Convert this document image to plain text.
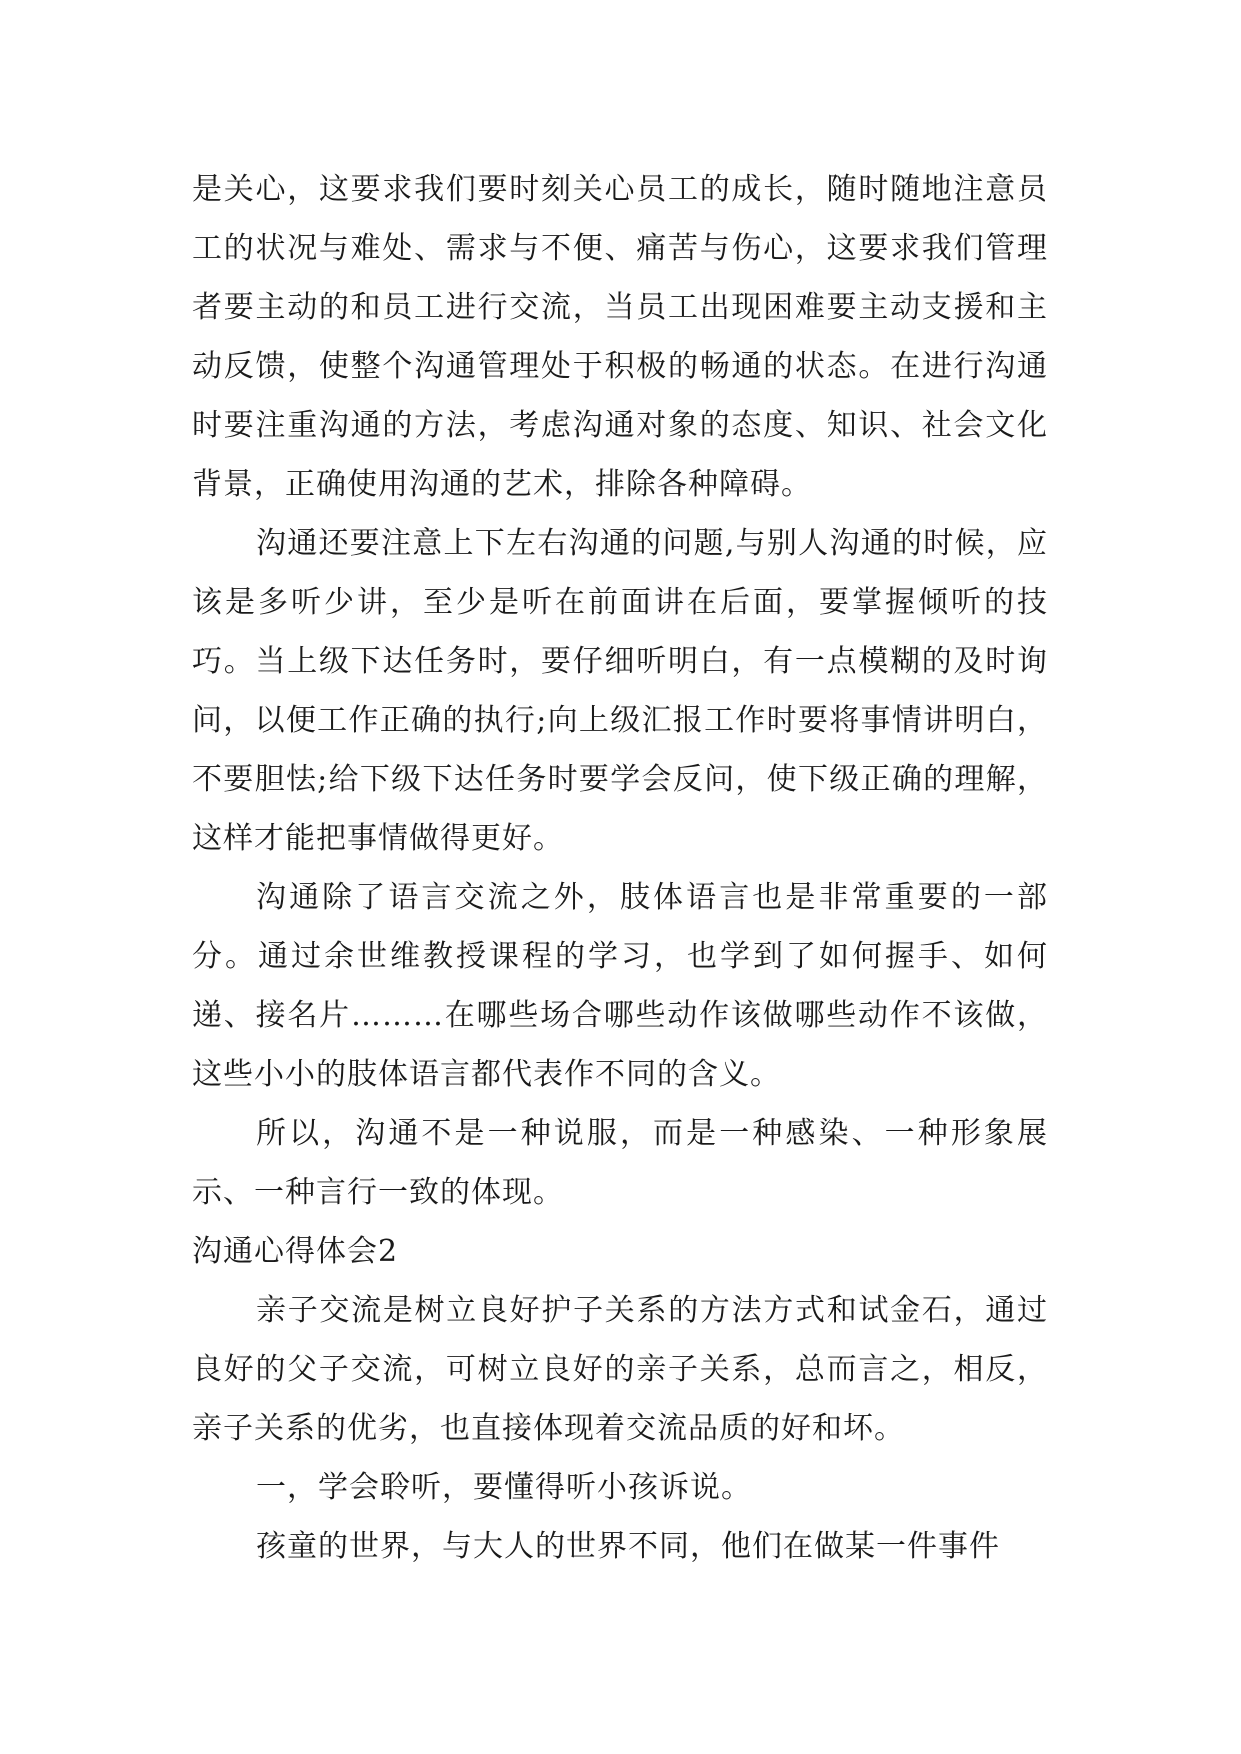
是关心，这要求我们要时刻关心员工的成长，随时随地注意员工的状况与难处、需求与不便、痛苦与伤心，这要求我们管理者要主动的和员工进行交流，当员工出现困难要主动支援和主动反馈，使整个沟通管理处于积极的畅通的状态。在进行沟通时要注重沟通的方法，考虑沟通对象的态度、知识、社会文化背景，正确使用沟通的艺术，排除各种障碍。

沟通还要注意上下左右沟通的问题,与别人沟通的时候，应该是多听少讲，至少是听在前面讲在后面，要掌握倾听的技巧。当上级下达任务时，要仔细听明白，有一点模糊的及时询问，以便工作正确的执行;向上级汇报工作时要将事情讲明白，不要胆怯;给下级下达任务时要学会反问，使下级正确的理解，这样才能把事情做得更好。

沟通除了语言交流之外，肢体语言也是非常重要的一部分。通过余世维教授课程的学习，也学到了如何握手、如何递、接名片………在哪些场合哪些动作该做哪些动作不该做，这些小小的肢体语言都代表作不同的含义。

所以，沟通不是一种说服，而是一种感染、一种形象展示、一种言行一致的体现。

沟通心得体会2

亲子交流是树立良好护子关系的方法方式和试金石，通过良好的父子交流，可树立良好的亲子关系，总而言之，相反，亲子关系的优劣，也直接体现着交流品质的好和坏。

一，学会聆听，要懂得听小孩诉说。

孩童的世界，与大人的世界不同，他们在做某一件事件
